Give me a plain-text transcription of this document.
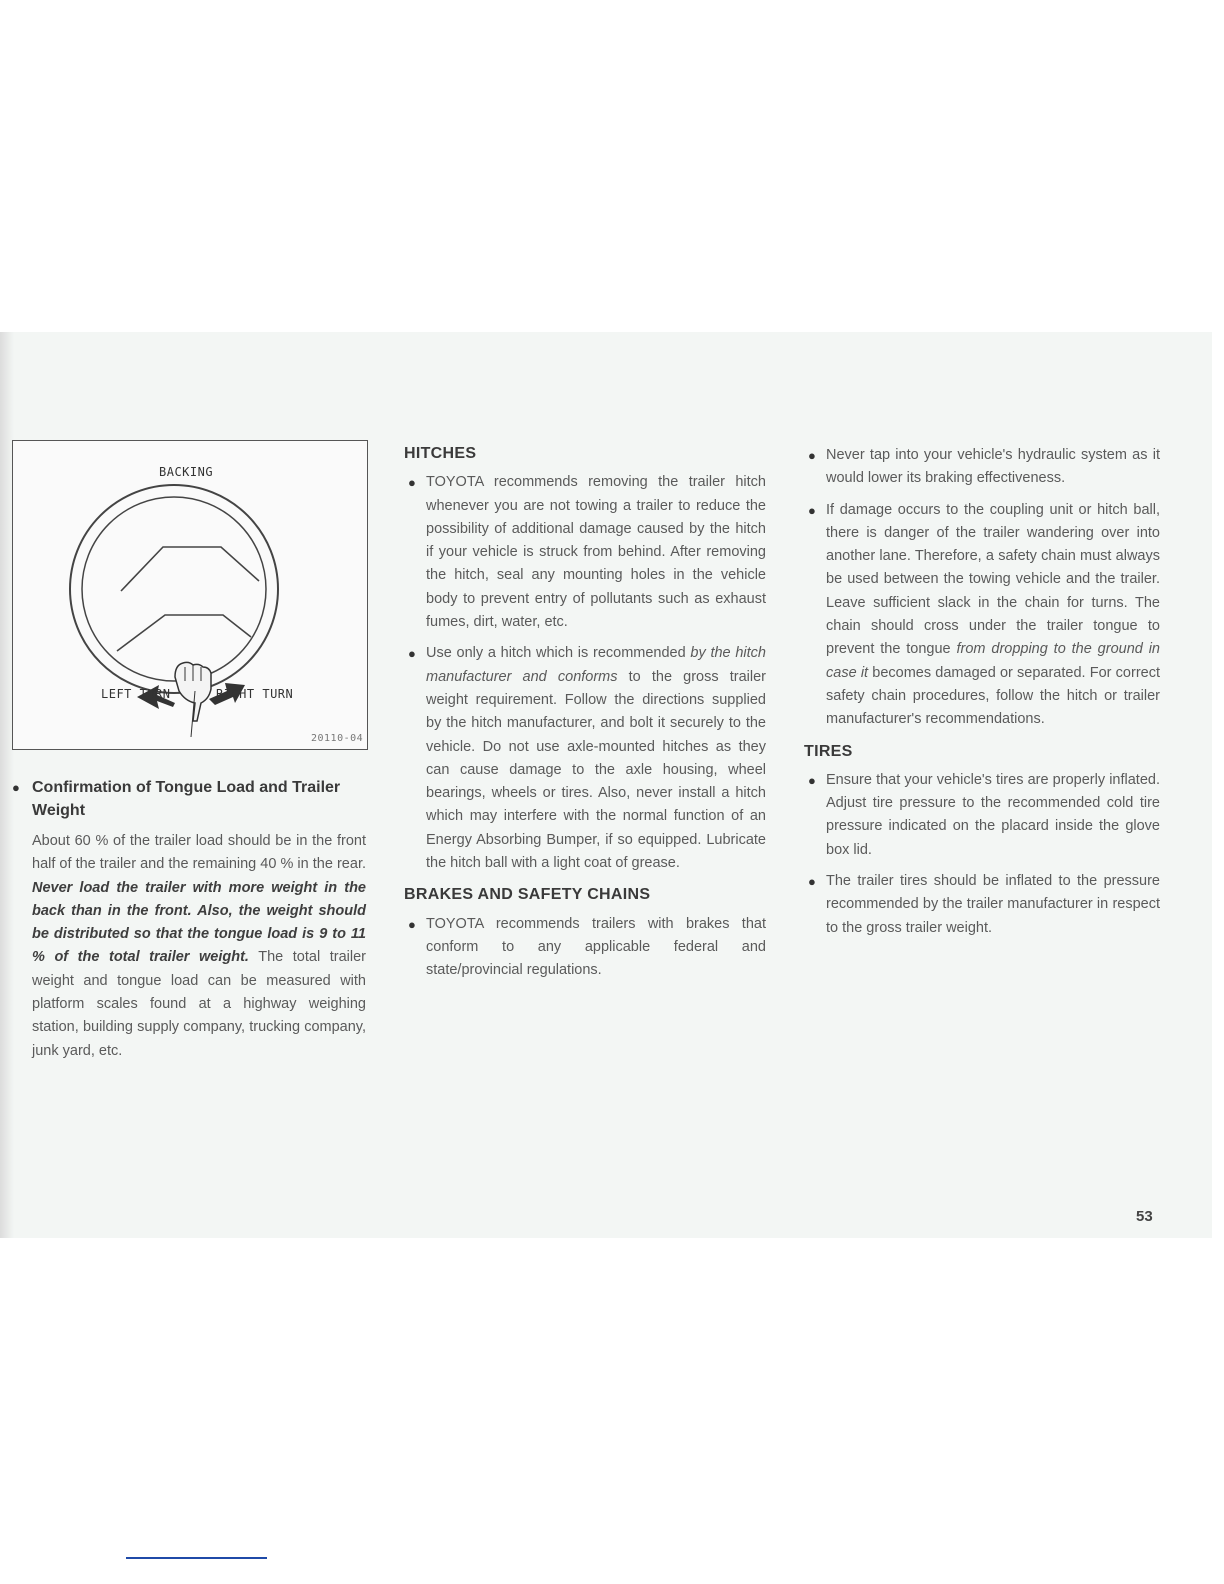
BACKING
LEFT TURN	RIGHT TURN
20110-04
● Confirmation of Tongue Load and Trailer Weight
About 60 % of the trailer load should be in the front half of the trailer and the remaining 40 % in the rear. Never load the trailer with more weight in the back than in the front. Also, the weight should be distributed so that the tongue load is 9 to 11 % of the total trailer weight. The total trailer weight and tongue load can be measured with platform scales found at a highway weighing station, building supply company, trucking company, junk yard, etc.
HITCHES
● TOYOTA recommends removing the trailer hitch whenever you are not towing a trailer to reduce the possibility of additional damage caused by the hitch if your vehicle is struck from behind. After removing the hitch, seal any mounting holes in the vehicle body to prevent entry of pollutants such as exhaust fumes, dirt, water, etc.
● Use only a hitch which is recommended by the hitch manufacturer and conforms to the gross trailer weight requirement. Follow the directions supplied by the hitch manufacturer, and bolt it securely to the vehicle. Do not use axle-mounted hitches as they can cause damage to the axle housing, wheel bearings, wheels or tires. Also, never install a hitch which may interfere with the normal function of an Energy Absorbing Bumper, if so equipped. Lubricate the hitch ball with a light coat of grease.
BRAKES AND SAFETY CHAINS
● TOYOTA recommends trailers with brakes that conform to any applicable federal and state/provincial regulations.
● Never tap into your vehicle's hydraulic system as it would lower its braking effectiveness.
● If damage occurs to the coupling unit or hitch ball, there is danger of the trailer wandering over into another lane. Therefore, a safety chain must always be used between the towing vehicle and the trailer. Leave sufficient slack in the chain for turns. The chain should cross under the trailer tongue to prevent the tongue from dropping to the ground in case it becomes damaged or separated. For correct safety chain procedures, follow the hitch or trailer manufacturer's recommendations.
TIRES
● Ensure that your vehicle's tires are properly inflated. Adjust tire pressure to the recommended cold tire pressure indicated on the placard inside the glove box lid.
● The trailer tires should be inflated to the pressure recommended by the trailer manufacturer in respect to the gross trailer weight.
53
